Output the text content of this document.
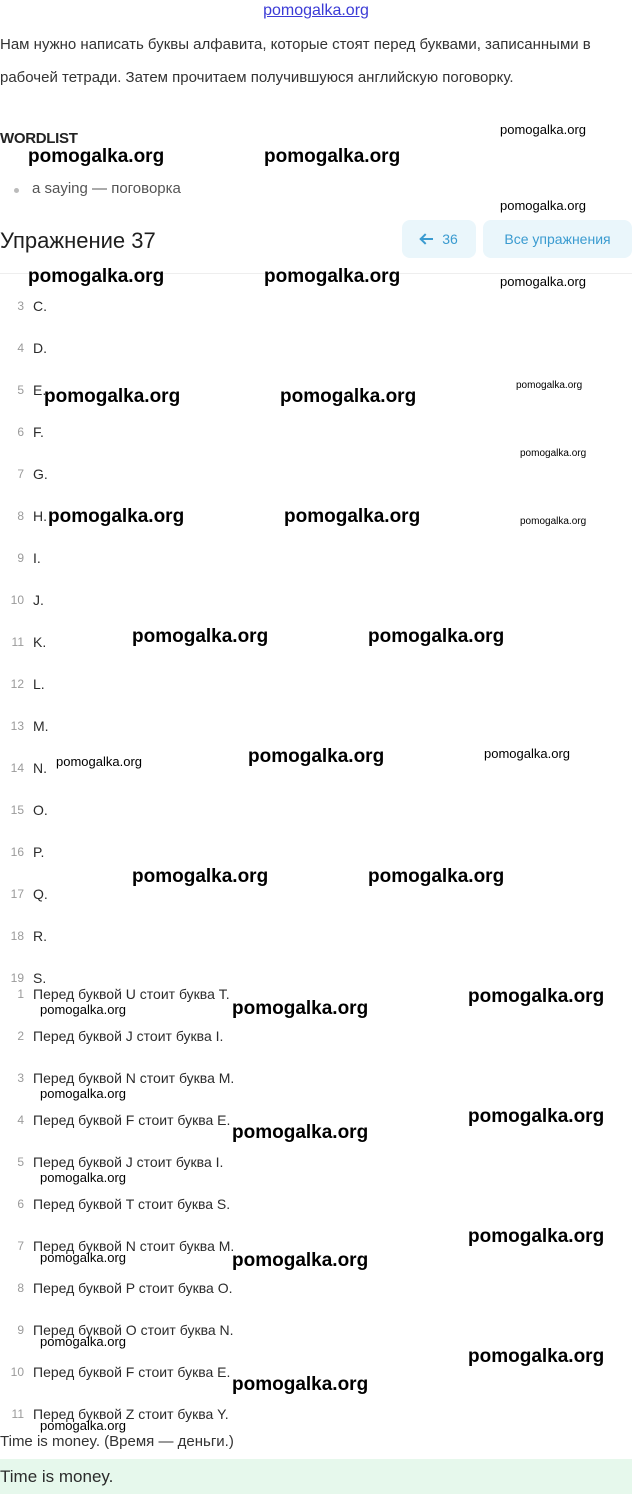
pomogalka.org

Нам нужно написать буквы алфавита, которые стоят перед буквами, записанными в рабочей тетради. Затем прочитаем получившуюся английскую поговорку.

WORDLIST
a saying — поговорка
Упражнение 37	36	Все упражнения
3 C.
4 D.
5 E.
6 F.
7 G.
8 H.
9 I.
10 J.
11 K.
12 L.
13 M.
14 N.
15 O.
16 P.
17 Q.
18 R.
19 S.
1 Перед буквой U стоит буква T.
2 Перед буквой J стоит буква I.
3 Перед буквой N стоит буква M.
4 Перед буквой F стоит буква E.
5 Перед буквой J стоит буква I.
6 Перед буквой T стоит буква S.
7 Перед буквой N стоит буква M.
8 Перед буквой P стоит буква O.
9 Перед буквой O стоит буква N.
10 Перед буквой F стоит буква E.
11 Перед буквой Z стоит буква Y.
Time is money. (Время — деньги.)
Time is money.
pomogalka.org
pomogalka.org	pomogalka.org
pomogalka.org
pomogalka.org	pomogalka.org	pomogalka.org
pomogalka.org	pomogalka.org
pomogalka.org
pomogalka.org
pomogalka.org	pomogalka.org	pomogalka.org
pomogalka.org	pomogalka.org
pomogalka.org	pomogalka.org	pomogalka.org
pomogalka.org	pomogalka.org
pomogalka.org
pomogalka.org	pomogalka.org
pomogalka.org
pomogalka.org
pomogalka.org
pomogalka.org
pomogalka.org
pomogalka.org	pomogalka.org
pomogalka.org
pomogalka.org
pomogalka.org
pomogalka.org
